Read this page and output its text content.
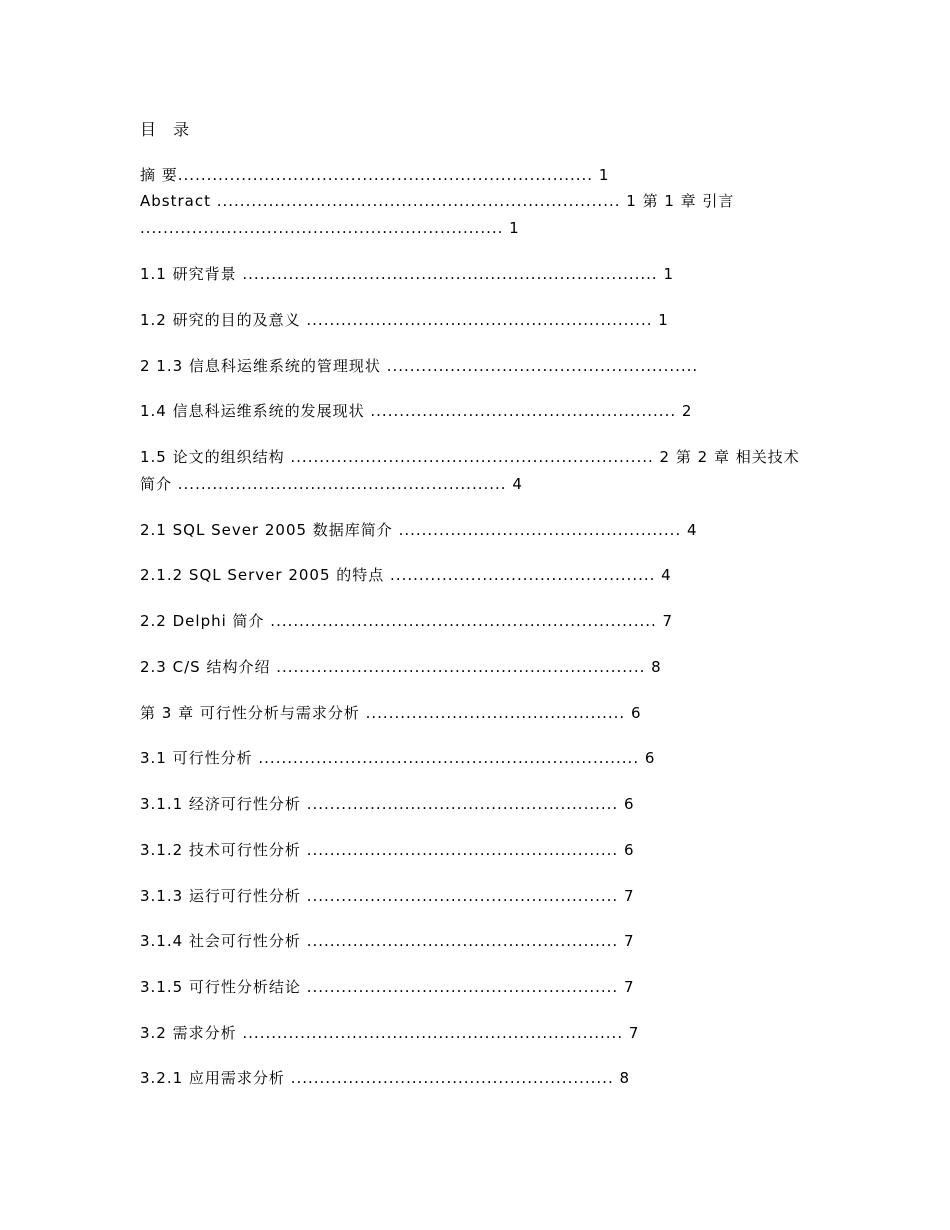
目 录
摘 要........................................................................ 1
Abstract ...................................................................... 1 第 1 章 引言
............................................................... 1
1.1 研究背景 ........................................................................ 1
1.2 研究的目的及意义 ............................................................ 1
2 1.3 信息科运维系统的管理现状 ......................................................
1.4 信息科运维系统的发展现状 ..................................................... 2
1.5 论文的组织结构 ............................................................... 2 第 2 章 相关技术
简介 ......................................................... 4
2.1 SQL Sever 2005 数据库简介 ................................................. 4
2.1.2 SQL Server 2005 的特点 .............................................. 4
2.2 Delphi 简介 ................................................................... 7
2.3 C/S 结构介绍 ................................................................ 8
第 3 章 可行性分析与需求分析 ............................................. 6
3.1 可行性分析 .................................................................. 6
3.1.1 经济可行性分析 ...................................................... 6
3.1.2 技术可行性分析 ...................................................... 6
3.1.3 运行可行性分析 ...................................................... 7
3.1.4 社会可行性分析 ...................................................... 7
3.1.5 可行性分析结论 ...................................................... 7
3.2 需求分析 .................................................................. 7
3.2.1 应用需求分析 ........................................................ 8
